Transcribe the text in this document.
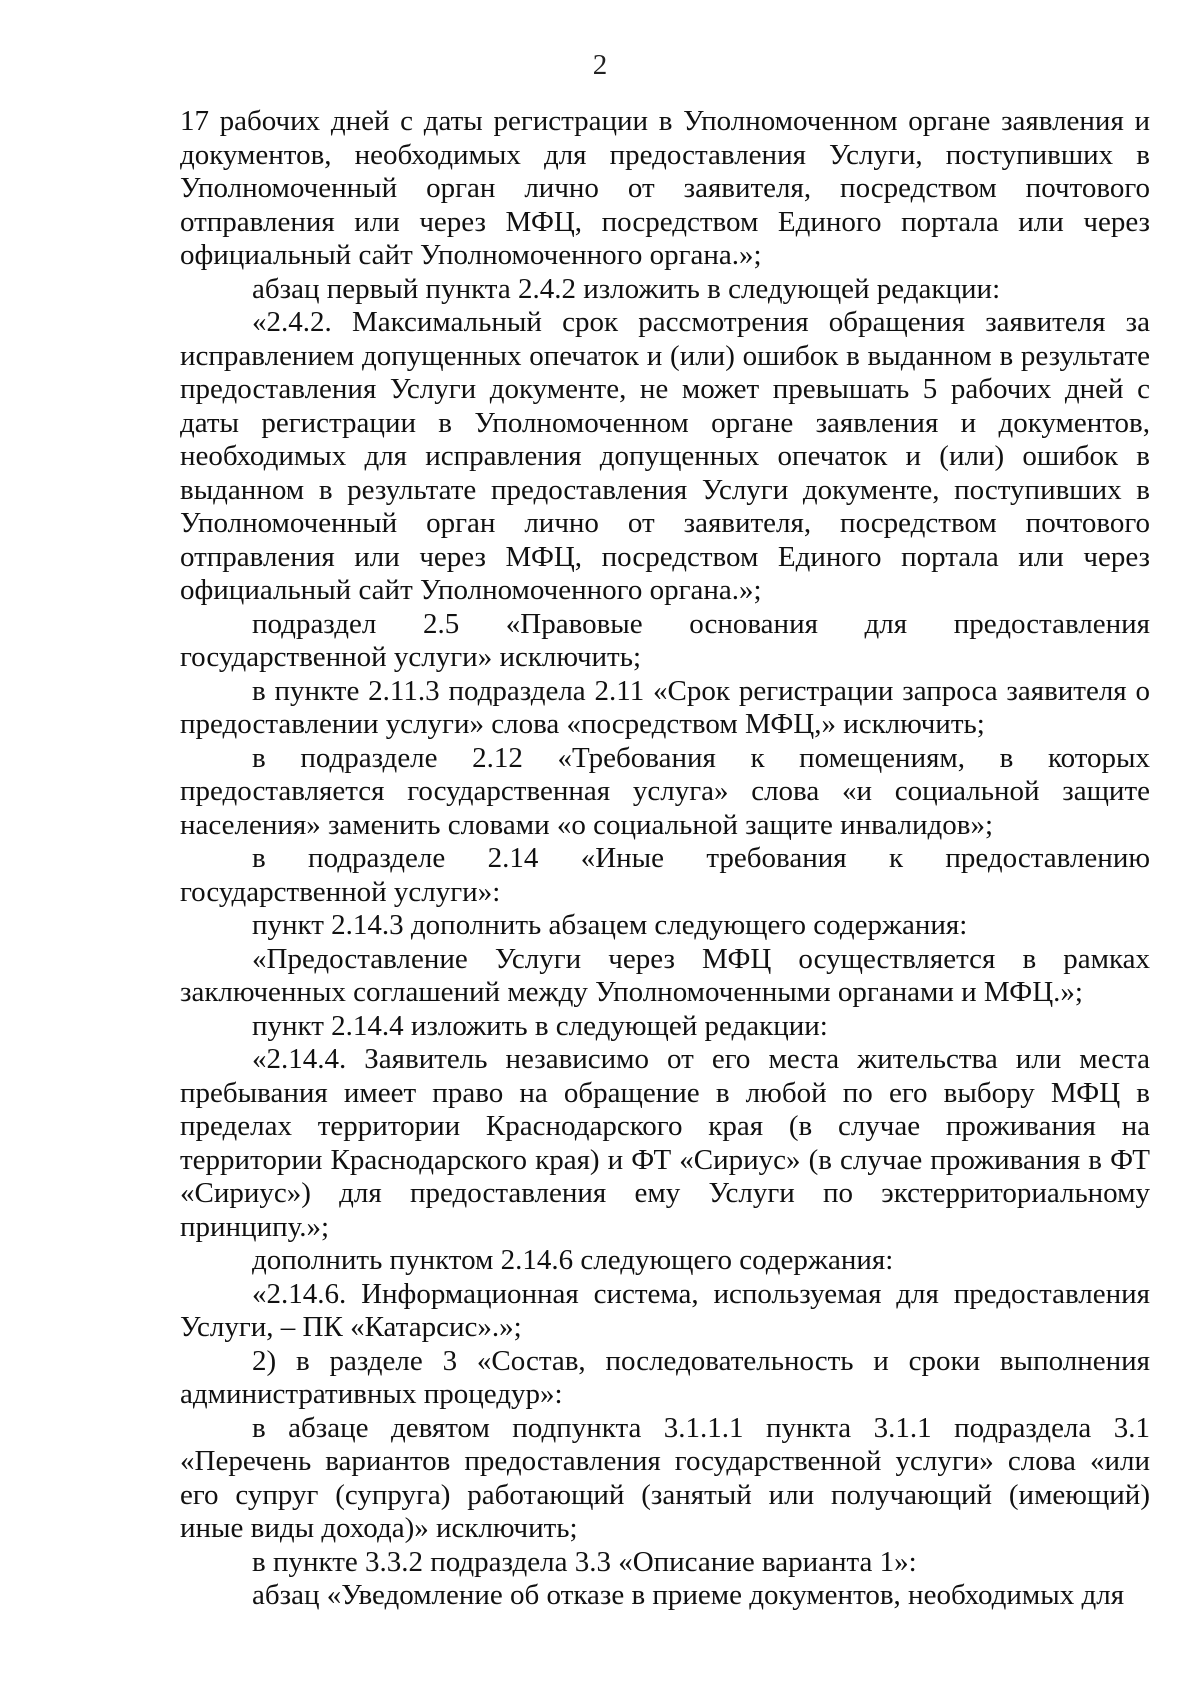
2

17 рабочих дней с даты регистрации в Уполномоченном органе заявления и документов, необходимых для предоставления Услуги, поступивших в Уполномоченный орган лично от заявителя, посредством почтового отправления или через МФЦ, посредством Единого портала или через официальный сайт Уполномоченного органа.»;

абзац первый пункта 2.4.2 изложить в следующей редакции:

«2.4.2. Максимальный срок рассмотрения обращения заявителя за исправлением допущенных опечаток и (или) ошибок в выданном в результате предоставления Услуги документе, не может превышать 5 рабочих дней с даты регистрации в Уполномоченном органе заявления и документов, необходимых для исправления допущенных опечаток и (или) ошибок в выданном в результате предоставления Услуги документе, поступивших в Уполномоченный орган лично от заявителя, посредством почтового отправления или через МФЦ, посредством Единого портала или через официальный сайт Уполномоченного органа.»;

подраздел 2.5 «Правовые основания для предоставления государственной услуги» исключить;

в пункте 2.11.3 подраздела 2.11 «Срок регистрации запроса заявителя о предоставлении услуги» слова «посредством МФЦ,» исключить;

в подразделе 2.12 «Требования к помещениям, в которых предоставляется государственная услуга» слова «и социальной защите населения» заменить словами «о социальной защите инвалидов»;

в подразделе 2.14 «Иные требования к предоставлению государственной услуги»:

пункт 2.14.3 дополнить абзацем следующего содержания:

«Предоставление Услуги через МФЦ осуществляется в рамках заключенных соглашений между Уполномоченными органами и МФЦ.»;

пункт 2.14.4 изложить в следующей редакции:

«2.14.4. Заявитель независимо от его места жительства или места пребывания имеет право на обращение в любой по его выбору МФЦ в пределах территории Краснодарского края (в случае проживания на территории Краснодарского края) и ФТ «Сириус» (в случае проживания в ФТ «Сириус») для предоставления ему Услуги по экстерриториальному принципу.»;

дополнить пунктом 2.14.6 следующего содержания:

«2.14.6. Информационная система, используемая для предоставления Услуги, – ПК «Катарсис».»;

2) в разделе 3 «Состав, последовательность и сроки выполнения административных процедур»:

в абзаце девятом подпункта 3.1.1.1 пункта 3.1.1 подраздела 3.1 «Перечень вариантов предоставления государственной услуги» слова «или его супруг (супруга) работающий (занятый или получающий (имеющий) иные виды дохода)» исключить;

в пункте 3.3.2 подраздела 3.3 «Описание варианта 1»:

абзац «Уведомление об отказе в приеме документов, необходимых для
